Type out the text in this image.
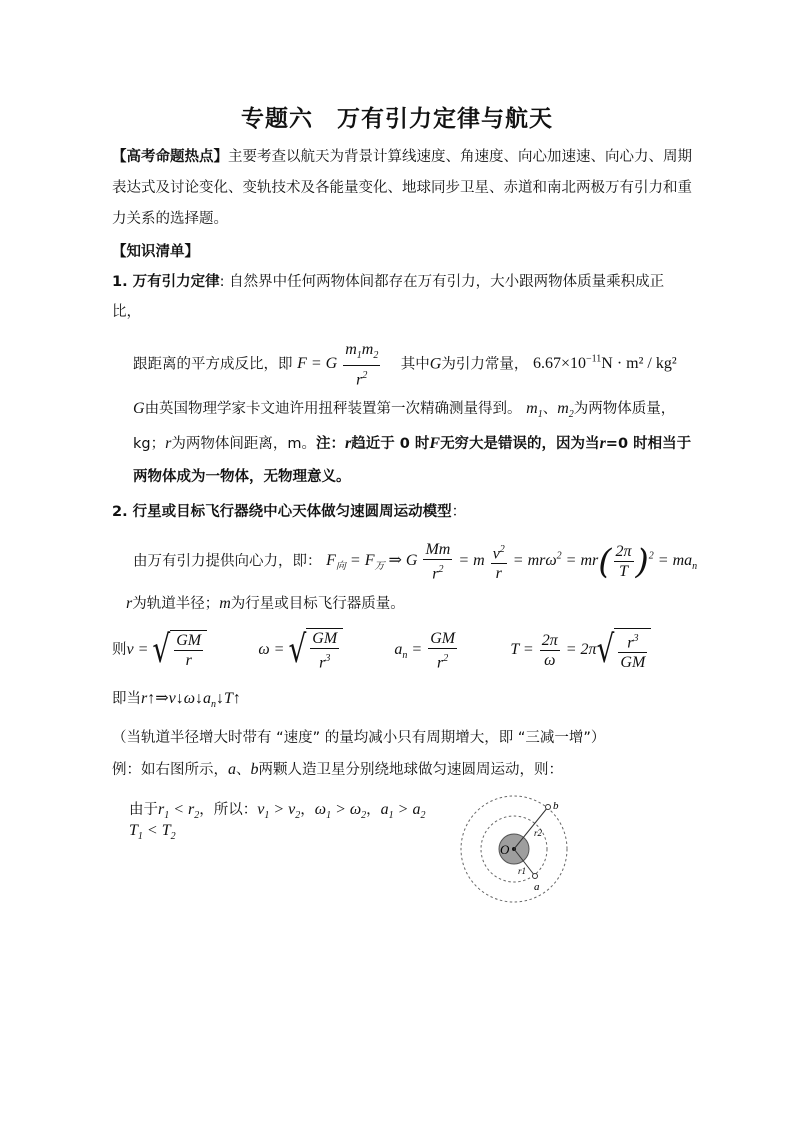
专题六　万有引力定律与航天
【高考命题热点】主要考查以航天为背景计算线速度、角速度、向心加速速、向心力、周期表达式及讨论变化、变轨技术及各能量变化、地球同步卫星、赤道和南北两极万有引力和重力关系的选择题。
【知识清单】
1. 万有引力定律: 自然界中任何两物体间都存在万有引力，大小跟两物体质量乘积成正
比，
跟距离的平方成反比，即 F = G $\frac{m_1m_2}{r^2}$ 其中G为引力常量， $6.67\times 10^{-11}N \cdot m^2 / kg^2$
G由英国物理学家卡文迪许用扭秤装置第一次精确测量得到。 $m_1$、$m_2$为两物体质量，
kg；r为两物体间距离，m。注：r趋近于 0 时F无穷大是错误的，因为当r=0 时相当于
两物体成为一物体，无物理意义。
2. 行星或目标飞行器绕中心天体做匀速圆周运动模型：
由万有引力提供向心力，即： $F_向 = F_万$ ⇒ G $\frac{Mm}{r^2} = m \frac{v^2}{r} = mr\omega^2 = mr( \frac{2\pi}{T} )^2 = ma_n$
r为轨道半径；m为行星或目标飞行器质量。
则v = √ $\frac{GM}{r}$	ω = √ $\frac{GM}{r^3}$	$a_n = \frac{GM}{r^2}$	$T = \frac{2\pi}{\omega} = 2\pi√ \frac{r^3}{GM}$
即当$r↑\Rightarrow v↓\omega↓a_n↓T↑$
（当轨道半径增大时带有 “速度” 的量均减小只有周期增大，即 “三减一增”）
例：如右图所示，a、b两颗人造卫星分别绕地球做匀速圆周运动，则：
由于$r_1 < r_2$，所以：$v_1 > v_2$，$\omega_1 > \omega_2$，$a_1 > a_2$
$T_1 < T_2$
O
b
a
r2
r1
